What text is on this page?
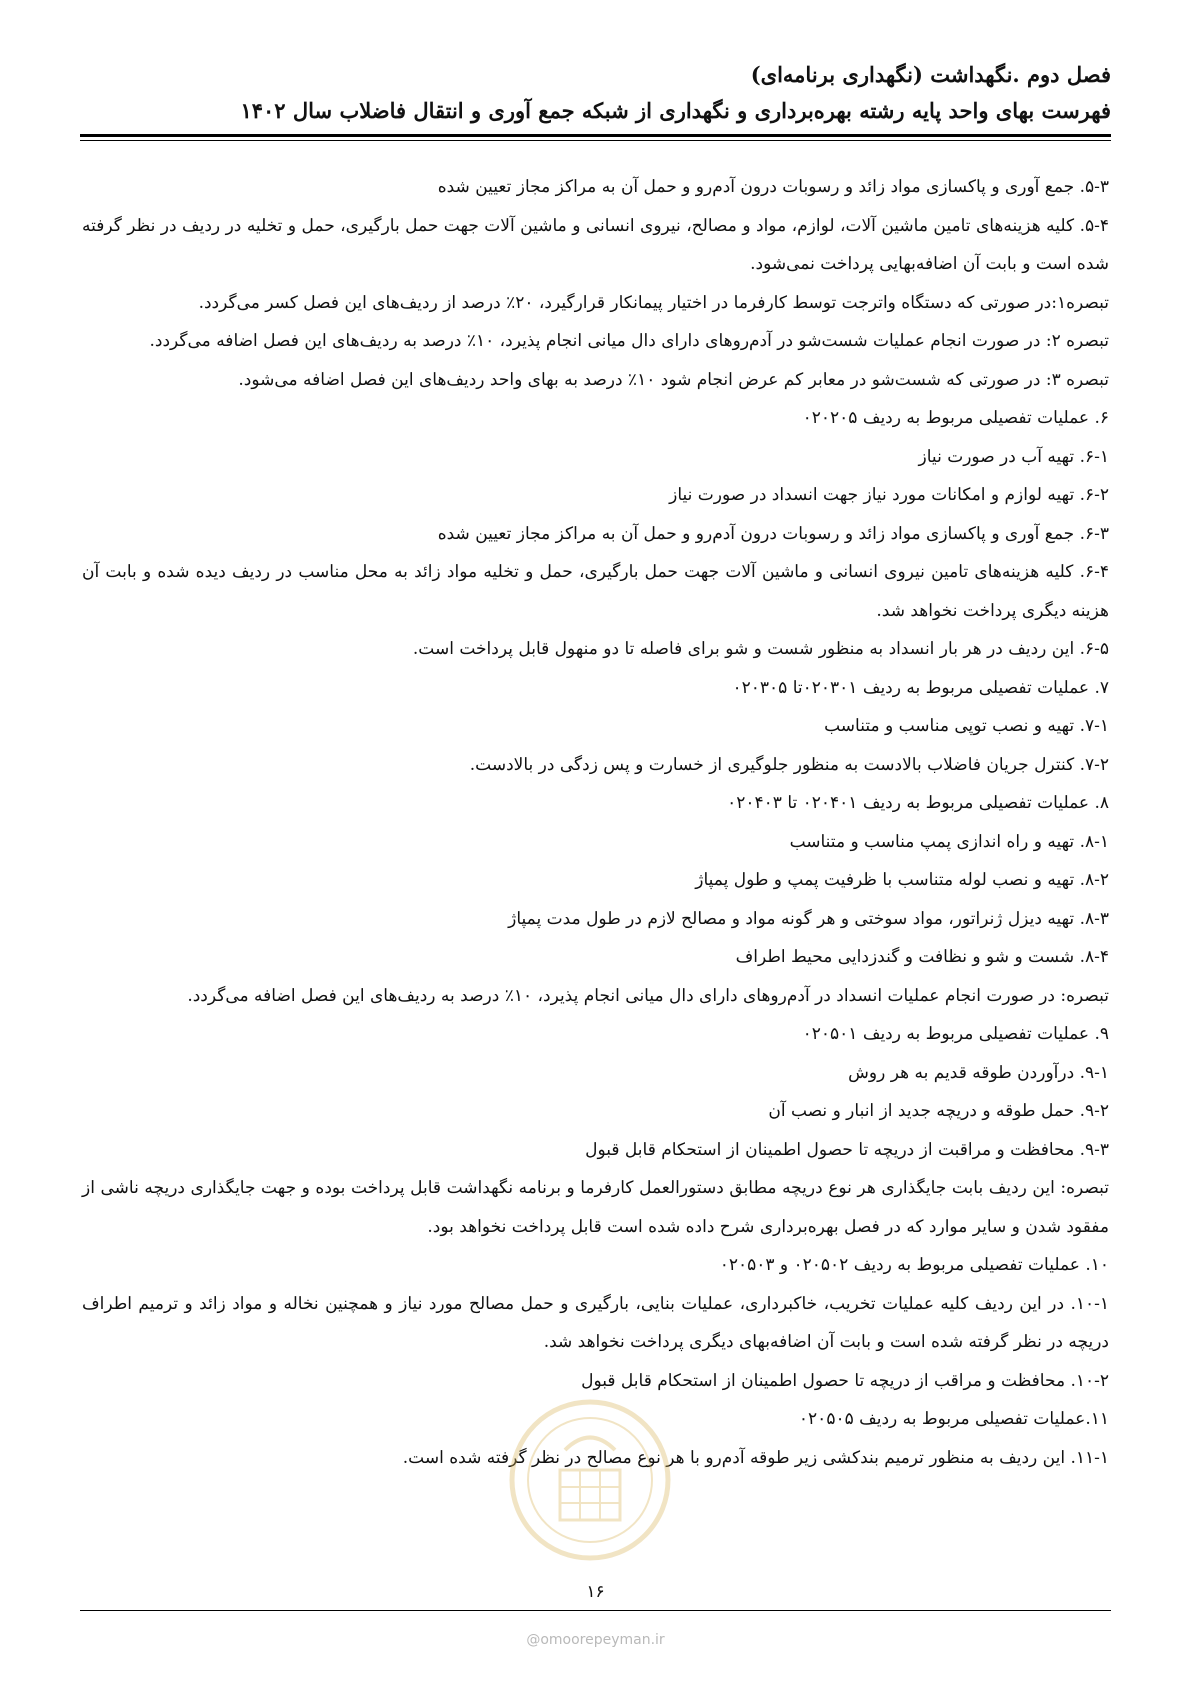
فصل دوم .نگهداشت (نگهداری برنامه‌ای)
فهرست بهای واحد پایه رشته بهره‌برداری و نگهداری از شبکه جمع آوری و انتقال فاضلاب سال ۱۴۰۲

۵-۳. جمع آوری و پاکسازی مواد زائد و رسوبات درون آدم‌رو و حمل آن به مراکز مجاز تعیین شده

۵-۴. کلیه هزینه‌های تامین ماشین آلات، لوازم، مواد و مصالح، نیروی انسانی و ماشین آلات جهت حمل بارگیری، حمل و تخلیه در ردیف در نظر گرفته شده است و بابت آن اضافه‌بهایی پرداخت نمی‌شود.

تبصره۱:در صورتی که دستگاه واترجت توسط کارفرما در اختیار پیمانکار قرارگیرد، ۲۰٪ درصد از ردیف‌های این فصل کسر می‌گردد.

تبصره ۲: در صورت انجام عملیات شست‌شو در آدم‌روهای دارای دال میانی انجام پذیرد، ۱۰٪ درصد به ردیف‌های این فصل اضافه می‌گردد.

تبصره ۳: در صورتی که شست‌شو در معابر کم عرض انجام شود ۱۰٪ درصد به بهای واحد ردیف‌های این فصل اضافه می‌شود.

۶. عملیات تفصیلی مربوط به ردیف ۰۲۰۲۰۵

۶-۱. تهیه آب در صورت نیاز

۶-۲. تهیه لوازم و امکانات مورد نیاز جهت انسداد در صورت نیاز

۶-۳. جمع آوری و پاکسازی مواد زائد و رسوبات درون آدم‌رو و حمل آن به مراکز مجاز تعیین شده

۶-۴. کلیه هزینه‌های تامین نیروی انسانی و ماشین آلات جهت حمل بارگیری، حمل و تخلیه مواد زائد به محل مناسب در ردیف دیده شده و بابت آن هزینه دیگری پرداخت نخواهد شد.

۶-۵. این ردیف در هر بار انسداد به منظور شست و شو برای فاصله تا دو منهول قابل پرداخت است.

۷. عملیات تفصیلی مربوط به ردیف ۰۲۰۳۰۱تا ۰۲۰۳۰۵

۷-۱. تهیه و نصب توپی مناسب و متناسب

۷-۲. کنترل جریان فاضلاب بالادست به منظور جلوگیری از خسارت و پس زدگی در بالادست.

۸. عملیات تفصیلی مربوط به ردیف ۰۲۰۴۰۱ تا ۰۲۰۴۰۳

۸-۱. تهیه و راه اندازی پمپ مناسب و متناسب

۸-۲. تهیه و نصب لوله متناسب با ظرفیت پمپ و طول پمپاژ

۸-۳. تهیه دیزل ژنراتور، مواد سوختی و هر گونه مواد و مصالح لازم در طول مدت پمپاژ

۸-۴. شست و شو و نظافت و گندزدایی محیط اطراف

تبصره: در صورت انجام عملیات انسداد در آدم‌روهای دارای دال میانی انجام پذیرد، ۱۰٪ درصد به ردیف‌های این فصل اضافه می‌گردد.

۹. عملیات تفصیلی مربوط به ردیف ۰۲۰۵۰۱

۹-۱. درآوردن طوقه قدیم به هر روش

۹-۲. حمل طوقه و دریچه جدید از انبار و نصب آن

۹-۳. محافظت و مراقبت از دریچه تا حصول اطمینان از استحکام قابل قبول

تبصره: این ردیف بابت جایگذاری هر نوع دریچه مطابق دستورالعمل کارفرما و برنامه نگهداشت قابل پرداخت بوده و جهت جایگذاری دریچه ناشی از مفقود شدن و سایر موارد که در فصل بهره‌برداری شرح داده شده است قابل پرداخت نخواهد بود.

۱۰. عملیات تفصیلی مربوط به ردیف ۰۲۰۵۰۲ و ۰۲۰۵۰۳

۱۰-۱. در این ردیف کلیه عملیات تخریب، خاکبرداری، عملیات بنایی، بارگیری و حمل مصالح مورد نیاز و همچنین نخاله و مواد زائد و ترمیم اطراف دریچه در نظر گرفته شده است و بابت آن اضافه‌بهای دیگری پرداخت نخواهد شد.

۱۰-۲. محافظت و مراقب از دریچه تا حصول اطمینان از استحکام قابل قبول

۱۱.عملیات تفصیلی مربوط به ردیف ۰۲۰۵۰۵

۱۱-۱. این ردیف به منظور ترمیم بندکشی زیر طوقه آدم‌رو با هر نوع مصالح در نظر گرفته شده است.

۱۶
@omoorepeyman.ir
